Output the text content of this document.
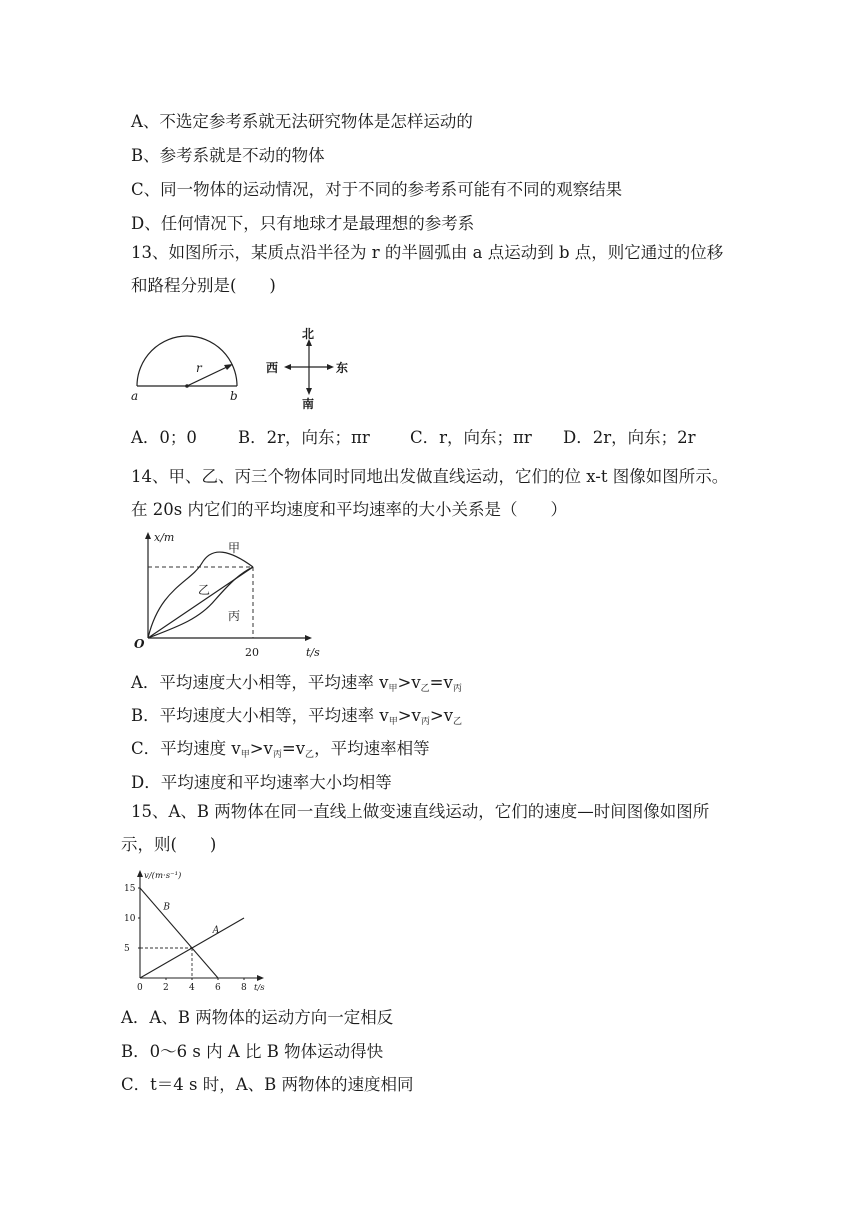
A、不选定参考系就无法研究物体是怎样运动的
B、参考系就是不动的物体
C、同一物体的运动情况，对于不同的参考系可能有不同的观察结果
D、任何情况下，只有地球才是最理想的参考系
13、如图所示，某质点沿半径为 r 的半圆弧由 a 点运动到 b 点，则它通过的位移
和路程分别是(　　)
r
a	b
北
南
西	东
A．0；0 B．2r，向东；πr C．r，向东；πr D．2r，向东；2r
14、甲、乙、丙三个物体同时同地出发做直线运动，它们的位 x-t 图像如图所示。
在 20s 内它们的平均速度和平均速率的大小关系是（　　）
x/m
t/s
O
20
甲
乙
丙
A．平均速度大小相等，平均速率 $v_甲>v_乙=v_丙$
B．平均速度大小相等，平均速率 $v_甲>v_丙>v_乙$
C．平均速度 $v_甲>v_丙=v_乙$，平均速率相等
D．平均速度和平均速率大小均相等
15、A、B 两物体在同一直线上做变速直线运动，它们的速度—时间图像如图所
示，则(　　)
15
10
5
0 2 4 6 8
v/(m·s⁻¹)
t/s
A
B
A．A、B 两物体的运动方向一定相反
B．0～6 s 内 A 比 B 物体运动得快
C．t＝4 s 时，A、B 两物体的速度相同
